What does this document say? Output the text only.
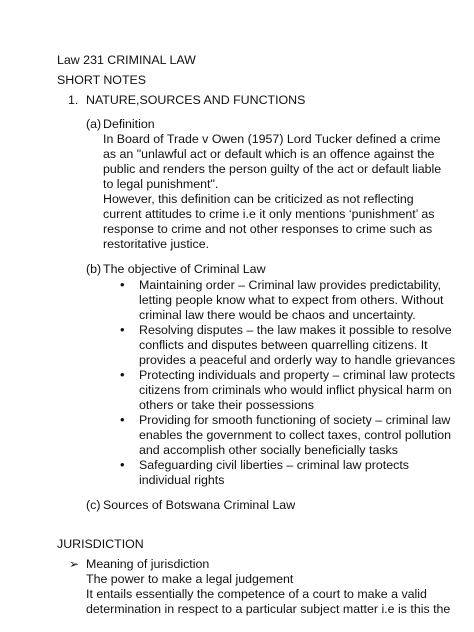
Law 231 CRIMINAL LAW
SHORT NOTES
1. NATURE,SOURCES AND FUNCTIONS
(a) Definition
In Board of Trade v Owen (1957) Lord Tucker defined a crime
as an "unlawful act or default which is an offence against the
public and renders the person guilty of the act or default liable
to legal punishment".
However, this definition can be criticized as not reflecting
current attitudes to crime i.e it only mentions ‘punishment’ as
response to crime and not other responses to crime such as
restoritative justice.
(b) The objective of Criminal Law
• Maintaining order – Criminal law provides predictability,
letting people know what to expect from others. Without
criminal law there would be chaos and uncertainty.
• Resolving disputes – the law makes it possible to resolve
conflicts and disputes between quarrelling citizens. It
provides a peaceful and orderly way to handle grievances
• Protecting individuals and property – criminal law protects
citizens from criminals who would inflict physical harm on
others or take their possessions
• Providing for smooth functioning of society – criminal law
enables the government to collect taxes, control pollution
and accomplish other socially beneficially tasks
• Safeguarding civil liberties – criminal law protects
individual rights
(c) Sources of Botswana Criminal Law
JURISDICTION
➢ Meaning of jurisdiction
The power to make a legal judgement
It entails essentially the competence of a court to make a valid
determination in respect to a particular subject matter i.e is this the
